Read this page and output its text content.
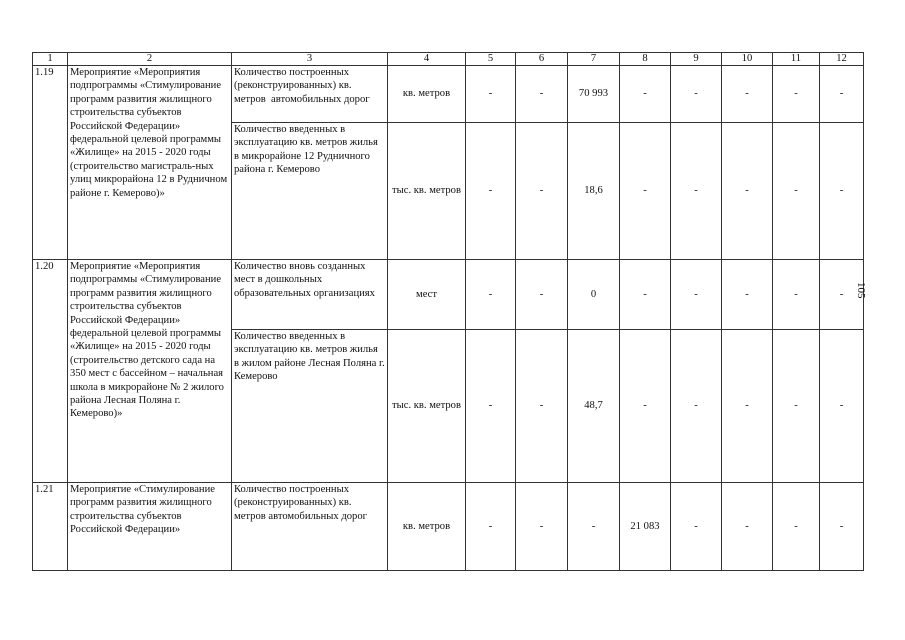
1	2	3	4	5	6	7	8	9	10	11	12
1.19	Мероприятие «Мероприятия подпрограммы «Стимулирование программ развития жилищного строительства субъектов Российской Федерации» федеральной целевой программы «Жилище» на 2015 - 2020 годы (строительство магистраль-ных улиц микрорайона 12 в Рудничном районе г. Кемерово)»	Количество построенных (реконструированных) кв. метров  автомобильных дорог	кв. метров	-	-	70 993	-	-	-	-	-
		Количество введенных в эксплуатацию кв. метров жилья в микрорайоне 12 Рудничного района г. Кемерово	тыс. кв. метров	-	-	18,6	-	-	-	-	-
1.20	Мероприятие «Мероприятия подпрограммы «Стимулирование программ развития жилищного строительства субъектов Российской Федерации» федеральной целевой программы «Жилище» на 2015 - 2020 годы (строительство детского сада на 350 мест с бассейном – начальная школа в микрорайоне № 2 жилого района Лесная Поляна г. Кемерово)»	Количество вновь созданных мест в дошкольных образовательных организациях	мест	-	-	0	-	-	-	-	-
		Количество введенных в эксплуатацию кв. метров жилья в жилом районе Лесная Поляна г. Кемерово	тыс. кв. метров	-	-	48,7	-	-	-	-	-
1.21	Мероприятие «Стимулирование программ развития жилищного строительства субъектов Российской Федерации»	Количество построенных (реконструированных) кв. метров автомобильных дорог	кв. метров	-	-	-	21 083	-	-	-	-
105
